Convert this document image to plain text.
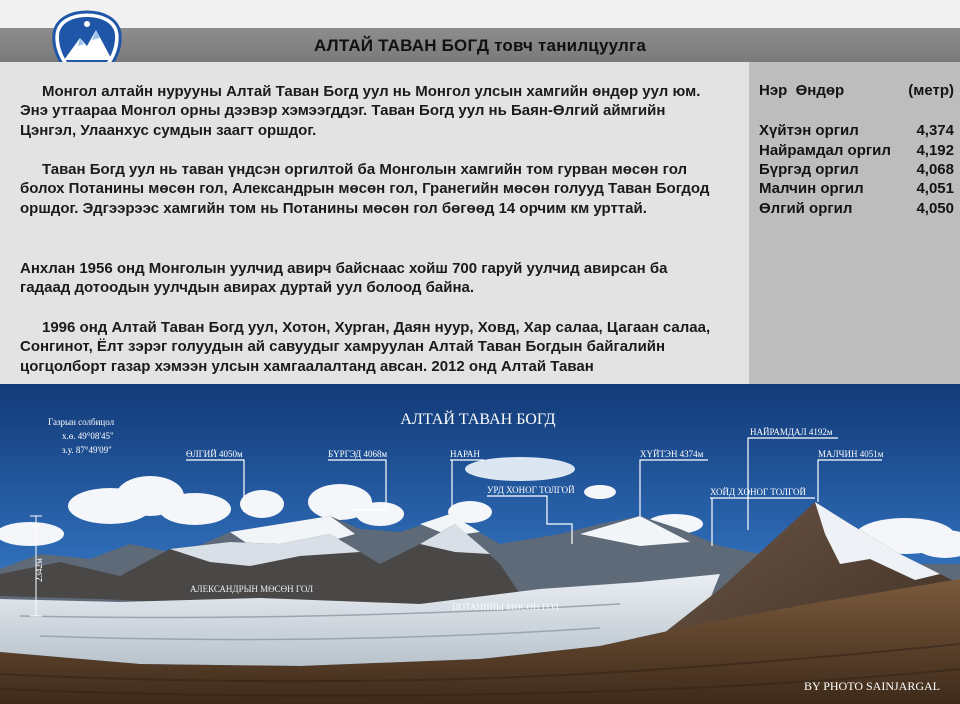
АЛТАЙ ТАВАН БОГД товч танилцуулга

Монгол алтайн нурууны Алтай Таван Богд уул нь Монгол улсын хамгийн өндөр уул юм. Энэ утгаараа Монгол орны дээвэр хэмээгддэг. Таван Богд уул нь Баян-Өлгий аймгийн Цэнгэл, Улаанхус сумдын заагт оршдог.

Таван Богд уул нь таван үндсэн оргилтой ба Монголын хамгийн том гурван мөсөн гол болох Потанины мөсөн гол, Александрын мөсөн гол, Гранегийн мөсөн голууд Таван Богдод оршдог. Эдгээрээс хамгийн том нь Потанины мөсөн гол бөгөөд 14 орчим км урттай.

Анхлан 1956 онд Монголын уулчид авирч байснаас хойш 700 гаруй уулчид авирсан ба гадаад дотоодын уулчдын авирах дуртай уул болоод байна.

1996 онд Алтай Таван Богд уул, Хотон, Хурган, Даян нуур, Ховд, Хар салаа, Цагаан салаа, Сонгинот, Ёлт зэрэг голуудын ай савуудыг хамруулан Алтай Таван Богдын байгалийн цогцолборт газар хэмээн улсын хамгаалалтанд авсан. 2012 онд Алтай Таван

Нэр Өндөр	(метр)
Хүйтэн оргил	4,374
Найрамдал оргил 4,192
Бүргэд оргил	4,068
Малчин оргил	4,051
Өлгий оргил	4,050
АЛТАЙ ТАВАН БОГД
Газрын солбицол
х.ө. 49°08'45"
з.у. 87°49'09"
2342м
ӨЛГИЙ 4050м	БҮРГЭД 4068м	НАРАН
УРД ХОНОГ ТОЛГОЙ
ХҮЙТЭН 4374м
НАЙРАМДАЛ 4192м
ХОЙД ХОНОГ ТОЛГОЙ
МАЛЧИН 4051м
АЛЕКСАНДРЫН МӨСӨН ГОЛ
ПОТАНИНЫ МӨСӨН ГОЛ
BY PHOTO SAINJARGAL
